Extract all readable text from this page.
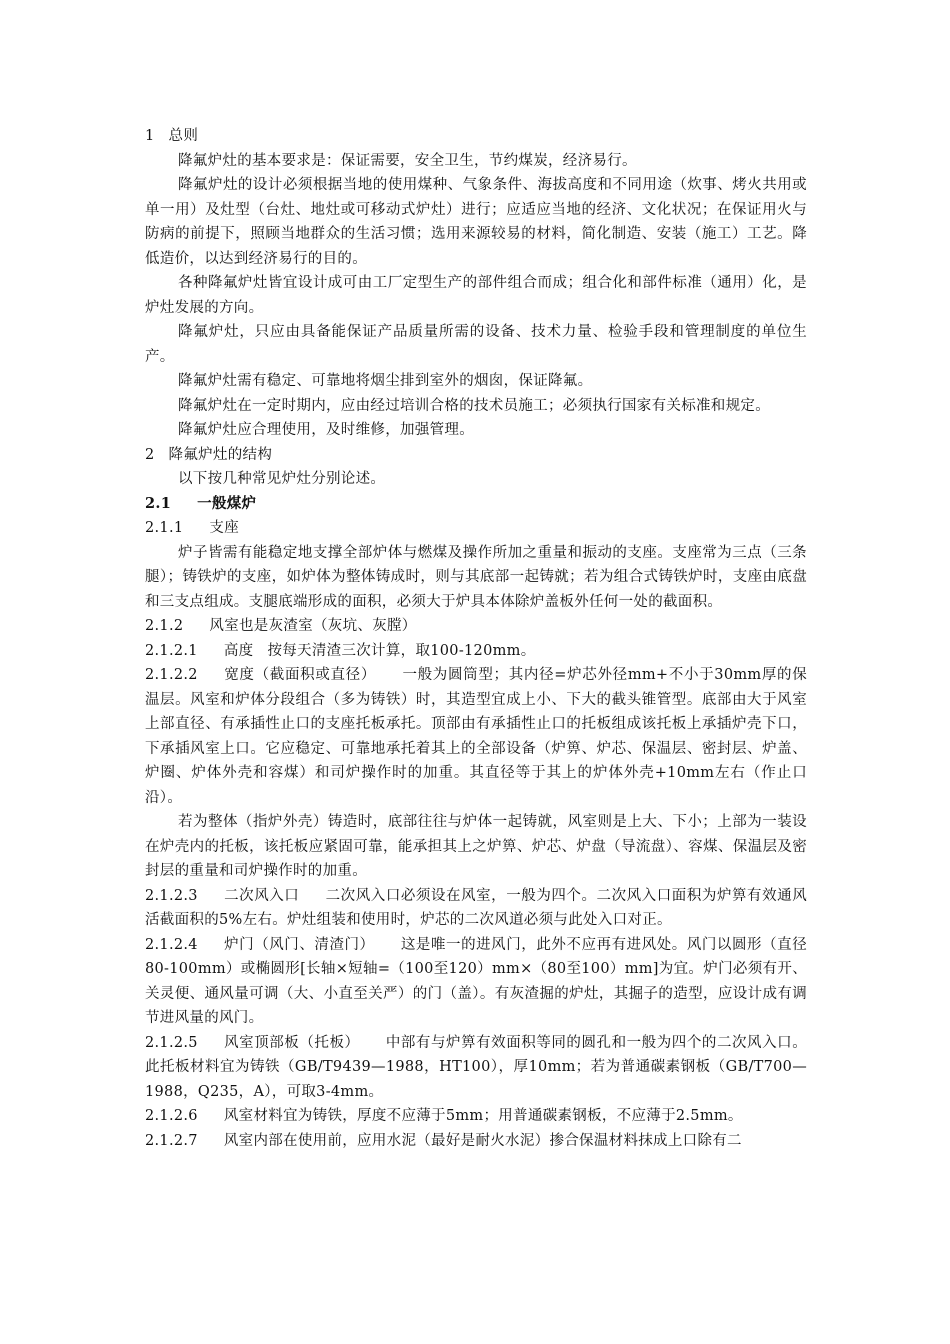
1 总则

降氟炉灶的基本要求是：保证需要，安全卫生，节约煤炭，经济易行。

降氟炉灶的设计必须根据当地的使用煤种、气象条件、海拔高度和不同用途（炊事、烤火共用或单一用）及灶型（台灶、地灶或可移动式炉灶）进行；应适应当地的经济、文化状况；在保证用火与防病的前提下，照顾当地群众的生活习惯；选用来源较易的材料，简化制造、安装（施工）工艺。降低造价，以达到经济易行的目的。

各种降氟炉灶皆宜设计成可由工厂定型生产的部件组合而成；组合化和部件标准（通用）化，是炉灶发展的方向。

降氟炉灶，只应由具备能保证产品质量所需的设备、技术力量、检验手段和管理制度的单位生产。

降氟炉灶需有稳定、可靠地将烟尘排到室外的烟囱，保证降氟。

降氟炉灶在一定时期内，应由经过培训合格的技术员施工；必须执行国家有关标准和规定。

降氟炉灶应合理使用，及时维修，加强管理。

2 降氟炉灶的结构

以下按几种常见炉灶分别论述。

2.1 一般煤炉

2.1.1 支座

炉子皆需有能稳定地支撑全部炉体与燃煤及操作所加之重量和振动的支座。支座常为三点（三条腿）；铸铁炉的支座，如炉体为整体铸成时，则与其底部一起铸就；若为组合式铸铁炉时，支座由底盘和三支点组成。支腿底端形成的面积，必须大于炉具本体除炉盖板外任何一处的截面积。

2.1.2 风室也是灰渣室（灰坑、灰膛）

2.1.2.1 高度 按每天清渣三次计算，取100-120mm。

2.1.2.2 宽度（截面积或直径） 一般为圆筒型；其内径=炉芯外径mm+不小于30mm厚的保温层。风室和炉体分段组合（多为铸铁）时，其造型宜成上小、下大的截头锥管型。底部由大于风室上部直径、有承插性止口的支座托板承托。顶部由有承插性止口的托板组成该托板上承插炉壳下口，下承插风室上口。它应稳定、可靠地承托着其上的全部设备（炉箅、炉芯、保温层、密封层、炉盖、炉圈、炉体外壳和容煤）和司炉操作时的加重。其直径等于其上的炉体外壳+10mm左右（作止口沿）。

若为整体（指炉外壳）铸造时，底部往往与炉体一起铸就，风室则是上大、下小；上部为一装设在炉壳内的托板，该托板应紧固可靠，能承担其上之炉箅、炉芯、炉盘（导流盘）、容煤、保温层及密封层的重量和司炉操作时的加重。

2.1.2.3 二次风入口 二次风入口必须设在风室，一般为四个。二次风入口面积为炉箅有效通风活截面积的5%左右。炉灶组装和使用时，炉芯的二次风道必须与此处入口对正。

2.1.2.4 炉门（风门、清渣门） 这是唯一的进风门，此外不应再有进风处。风门以圆形（直径80-100mm）或椭圆形[长轴×短轴=（100至120）mm×（80至100）mm]为宜。炉门必须有开、关灵便、通风量可调（大、小直至关严）的门（盖）。有灰渣掘的炉灶，其掘子的造型，应设计成有调节进风量的风门。

2.1.2.5 风室顶部板（托板） 中部有与炉箅有效面积等同的圆孔和一般为四个的二次风入口。此托板材料宜为铸铁（GB/T9439—1988，HT100），厚10mm；若为普通碳素钢板（GB/T700—1988，Q235，A），可取3-4mm。

2.1.2.6 风室材料宜为铸铁，厚度不应薄于5mm；用普通碳素钢板，不应薄于2.5mm。

2.1.2.7 风室内部在使用前，应用水泥（最好是耐火水泥）掺合保温材料抹成上口除有二
